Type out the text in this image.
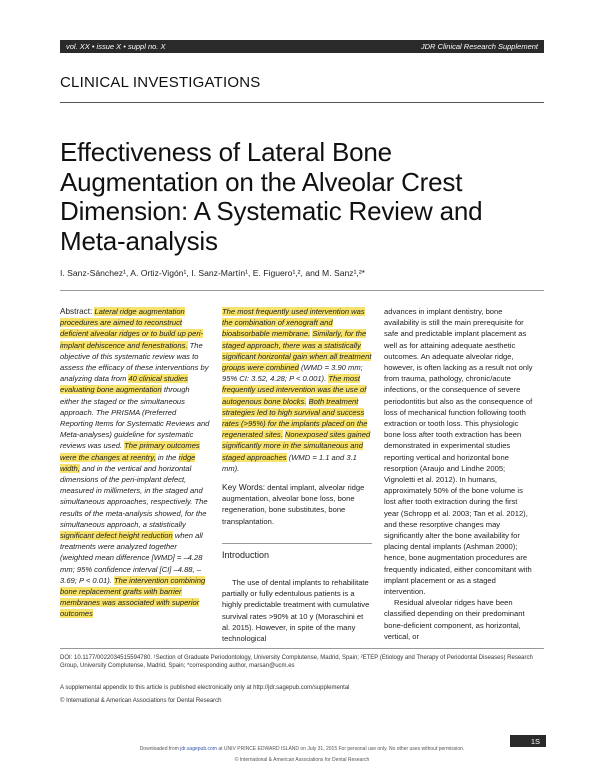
vol. XX • issue X • suppl no. X	JDR Clinical Research Supplement
CLINICAL INVESTIGATIONS
Effectiveness of Lateral Bone Augmentation on the Alveolar Crest Dimension: A Systematic Review and Meta-analysis
I. Sanz-Sánchez¹, A. Ortiz-Vigón¹, I. Sanz-Martín¹, E. Figuero¹,², and M. Sanz¹,²*
Abstract: Lateral ridge augmentation procedures are aimed to reconstruct deficient alveolar ridges or to build up peri-implant dehiscence and fenestrations. The objective of this systematic review was to assess the efficacy of these interventions by analyzing data from 40 clinical studies evaluating bone augmentation through either the staged or the simultaneous approach. The PRISMA (Preferred Reporting Items for Systematic Reviews and Meta-analyses) guideline for systematic reviews was used. The primary outcomes were the changes at reentry, in the ridge width, and in the vertical and horizontal dimensions of the peri-implant defect, measured in millimeters, in the staged and simultaneous approaches, respectively. The results of the meta-analysis showed, for the simultaneous approach, a statistically significant defect height reduction when all treatments were analyzed together (weighted mean difference [WMD] = –4.28 mm; 95% confidence interval [CI] –4.88, –3.69; P < 0.01). The intervention combining bone replacement grafts with barrier membranes was associated with superior outcomes
The most frequently used intervention was the combination of xenograft and bioabsorbable membrane. Similarly, for the staged approach, there was a statistically significant horizontal gain when all treatment groups were combined (WMD = 3.90 mm; 95% CI: 3.52, 4.28; P < 0.001). The most frequently used intervention was the use of autogenous bone blocks. Both treatment strategies led to high survival and success rates (>95%) for the implants placed on the regenerated sites. Nonexposed sites gained significantly more in the simultaneous and staged approaches (WMD = 1.1 and 3.1 mm).
Key Words: dental implant, alveolar ridge augmentation, alveolar bone loss, bone regeneration, bone substitutes, bone transplantation.
Introduction
The use of dental implants to rehabilitate partially or fully edentulous patients is a highly predictable treatment with cumulative survival rates >90% at 10 y (Moraschini et al. 2015). However, in spite of the many technological
advances in implant dentistry, bone availability is still the main prerequisite for safe and predictable implant placement as well as for attaining adequate aesthetic outcomes. An adequate alveolar ridge, however, is often lacking as a result not only from trauma, pathology, chronic/acute infections, or the consequence of severe periodontitis but also as the consequence of loss of mechanical function following tooth extraction or tooth loss. This physiologic bone loss after tooth extraction has been demonstrated in experimental studies reporting vertical and horizontal bone resorption (Araujo and Lindhe 2005; Vignoletti et al. 2012). In humans, approximately 50% of the bone volume is lost after tooth extraction during the first year (Schropp et al. 2003; Tan et al. 2012), and these resorptive changes may significantly alter the bone availability for placing dental implants (Ashman 2000); hence, bone augmentation procedures are frequently indicated, either concomitant with implant placement or as a staged intervention.
Residual alveolar ridges have been classified depending on their predominant bone-deficient component, as horizontal, vertical, or
DOI: 10.1177/0022034515594780. ¹Section of Graduate Periodontology, University Complutense, Madrid, Spain; ²ETEP (Etiology and Therapy of Periodontal Diseases) Research Group, University Complutense, Madrid, Spain; *corresponding author, marsan@ucm.es
A supplemental appendix to this article is published electronically only at http://jdr.sagepub.com/supplemental
© International & American Associations for Dental Research
1S
Downloaded from jdr.sagepub.com at UNIV PRINCE EDWARD ISLAND on July 31, 2015 For personal use only. No other uses without permission.
© International & American Associations for Dental Research
